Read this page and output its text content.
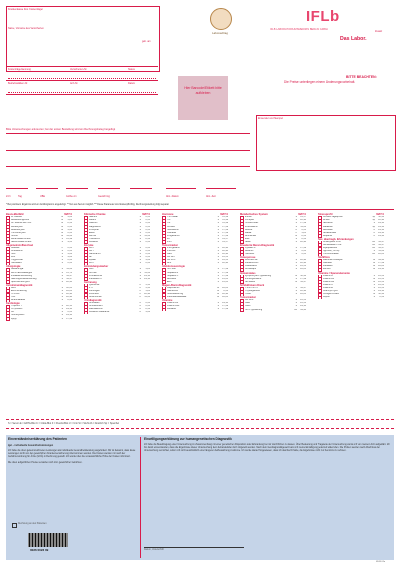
Krankenkasse bzw. Kostenträger
Name, Vorname des Versicherten
geb. am
Kostenträgerkennung	Versicherten-Nr.	Status
Betriebsstätten-Nr.	Arzt-Nr.	Datum
Hier Barcode/Etikett bitte aufkleben
Laborauftrag
IFLb
IFLB LABORATORIUMSMEDIZIN BERLIN GMBH
Das Labor.
Zusatz
BITTE BEACHTEN:
Die Preise unterliegen einem Änderungsvorbehalt.
Einsender und Stempel
Bitte Untersuchungen ankreuzen; bei der ersten Bestellung wird ein Rechnungsbeleg beigefügt
24 h	Tag	UBE	Größe cm	Gewicht kg	Abn.-Datum	Abn.-Zeit
* Bei positivem Ergebnis wird ein Antibiogramm angefertigt. ** Nur aus Serum möglich *** Diese Parameter sind kostenpflichtig, Rechnungsstellung folgt separat
Basis-Blutbild	MAT €
Kl. Blutbild	E	4,66
Blutsenkung/BSG	E	5,83
Gr. Blutbild inkl. Diff.	E	8,16
Leukozyten	E	2,33
Retikulozyten	E	4,66
Thrombozyten	E	2,33
HbA1c	E	11,66
Leber-Basis-Check	S	13,99
Nieren-Basis-Check	S	9,33
Allgemeinstoffwechsel
Glukose	F	2,33
Cholesterin	S	2,33
HDL	S	4,66
LDL	S	4,66
Triglyceride	S	2,33
Harnsäure	S	2,33
Allergologie
Gesamt-IgE	S	11,66
RAST-Einzelallergen	S	15,74
Inhalationsscreening	S	34,97
Nahrungsmittelscreening	S	34,97
Spezifisches IgG4	S	20,40
Autoimmundiagnostik
ANA	S	18,65
ENA-Screening	S	26,23
TPO-AK	S	20,98
TAK	S	20,98
Rheumafaktor	S	8,16
Kardiologie
Troponin T	S	22,15
NT-proBNP	S	29,14
CK	S	2,33
Homocystein	S	29,14
Lp(a)	S	17,49
Klinische Chemie	MAT €
Natrium	S	2,33
Kalium	S	2,33
Calcium	S	2,33
Magnesium	S	2,33
Phosphat	S	2,33
Eisen	S	2,33
Ferritin	S	11,66
Transferrin	S	8,16
Kreatinin	S	2,33
Enzyme
GOT	S	2,33
GPT	S	2,33
Gamma-GT	S	2,33
AP	S	2,33
Lipase	S	4,66
LDH	S	2,33
Entzündungsmarker
CRP	S	5,83
hs-CRP	S	11,66
Procalcitonin	S	29,14
Interleukin 6	S	29,14
Gerinnung
Quick/INR	C	3,50
PTT	C	3,50
Fibrinogen	C	5,83
D-Dimere	C	20,98
Antithrombin	C	11,66
Urindiagnostik
Urinstatus	U	2,33
Urinsediment	U	2,33
Mikroalbumin	U	8,16
Kreatinin-Clearance	U	4,66
Hormone	MAT €
TSH basal	S	13,99
fT3	S	13,99
fT4	S	13,99
Cortisol	S	17,49
Testosteron	S	17,49
Östradiol	S	17,49
Progesteron	S	17,49
LH	S	14,57
FSH	S	14,57
Tumormarker
PSA gesamt	S	20,98
PSA frei	S	20,98
CEA	S	20,98
CA 125	S	23,31
CA 15-3	S	23,31
AFP	S	20,98
Infektionsserologie
HIV-Test	S	17,49
Hepatitis B	S	17,49
Hepatitis C	S	17,49
Borrelien	S	25,65
EBV	S	25,65
Magen-/Darm-Diagnostik
Calprotectin	St	26,23
Hämoccult	St	8,16
Helicobacter Ag	St	20,98
Pankreas-Elastase	St	26,23
Vitamine
Vitamin D3	S	29,14
Vitamin B12	S	17,49
Folsäure	S	17,49
Metabolisches System	MAT €
Insulin	S	14,57
C-Peptid	S	20,98
HOMA-Index	S	17,49
Fructosamin	S	11,66
Ketone	U	2,33
Laktat	F	5,83
Ammoniak	E	8,16
Zink	S	8,16
Selen	S	20,98
Erweiterte Nieren-Diagnostik
Cystatin C	S	17,49
Albumin	S	2,33
Harnstoff	S	2,33
Osteoporose
Knochen-AP	S	20,98
Parathormon	S	20,98
Osteocalcin	S	23,31
CrossLaps	S	26,23
Immunstatus
Lymphozyten-Typisierung	E	52,46
Immunglobuline	S	17,49
NK-Zellen	E	34,97
Schilddrüsen-Check
TSH/fT3/fT4	S	34,97
Thyreoglobulin	S	20,98
TRAK	S	26,23
Tumormarker
CA 19-9	S	23,31
NSE	S	23,31
S100	S	29,14
HPV-Typisierung	Ab	69,94
Stressprofil	MAT €
Cortisol-Tagesprofil	Sp	52,46
DHEA	Sp	20,98
Serotonin	S	29,14
Melatonin	Sp	29,14
Adrenalin	U	29,14
Noradrenalin	U	29,14
Dopamin	U	29,14
Sex. übertragb. Erkrankungen
Chlamydien PCR	Ab	34,97
Gonokokken PCR	Ab	34,97
Mykoplasmen	Ab	34,97
Syphilis (TPHA)	S	11,66
Trichomonaden	Ab	26,23
Stuhlflora
Mikrobiom-Analyse	St	69,94
Candida	St	17,49
Parasiten	St	26,23
Zonulin	St	29,14
Vitamine / Spurenelemente
Vitamin A	S	23,31
Vitamin B1	E	23,31
Vitamin B6	E	23,31
Vitamin C	S	23,31
Vitamin E	S	23,31
Coenzym Q10	S	29,14
Omega-3-Index	E	52,46
Kupfer	S	8,16
S = Serum E = EDTA-Blut C = Citrat-Blut F = Fluorid-Blut U = Urin St = Stuhl Ab = Abstrich Sp = Speichel
Einverständniserklärung des Patienten
Igel – individuelle Gesundheitsleistungen
Ich habe die oben gekennzeichneten Leistungen als individuelle Gesundheitsleistung angefordert. Mir ist bekannt, dass diese Leistungen nicht von der gesetzlichen Krankenversicherung übernommen werden. Die Kosten werden mir nach der Gebührenordnung für Ärzte (GOÄ) in Rechnung gestellt. Ich wurde über die voraussichtliche Höhe der Kosten informiert.
Die oben aufgeführten Preise verstehen sich inkl. gesetzlicher Gebühren.
Rechnung an den Patienten
0026 0023 09
Einwilligungserklärung zur humangenetischen Diagnostik
Ich habe die Beauftragung einer Untersuchung im Zusammenhang mit einer genetischen Disposition oder Erkrankung bei mir durchführen zu lassen. Über Bedeutung und Tragweite der Untersuchung wurde ich von meinem Arzt aufgeklärt. Ich bin damit einverstanden, dass die Ergebnisse dieser Untersuchung dem behandelnden Arzt mitgeteilt werden. Nach dem Gendiagnostikgesetz kann ich meine Einwilligung jederzeit widerrufen. Die Proben werden nach Abschluss der Untersuchung vernichtet, sofern ich nicht ausdrücklich einer längeren Aufbewahrung zustimme. Ich wurde darauf hingewiesen, dass ich das Recht habe, die Ergebnisse nicht zur Kenntnis zu nehmen.
Datum, Unterschrift
0109 01e
